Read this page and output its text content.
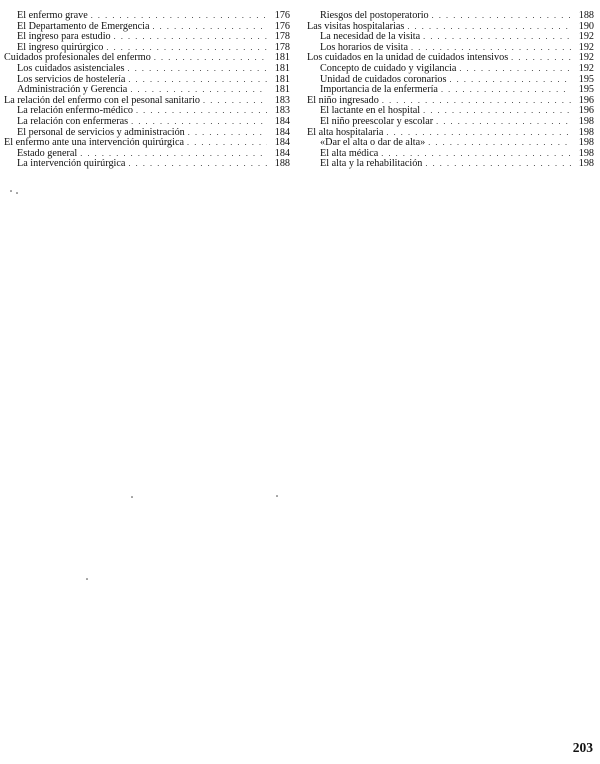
El enfermo grave . . .	176
El Departamento de Emergencia . . .	176
El ingreso para estudio . . .	178
El ingreso quirúrgico . . .	178
Cuidados profesionales del enfermo . . .	181
Los cuidados asistenciales . . .	181
Los servicios de hostelería . . .	181
Administración y Gerencia . . .	181
La relación del enfermo con el pesonal sanitario . . .	183
La relación enfermo-médico . . .	183
La relación con enfermeras . . .	184
El personal de servicios y administración . . .	184
El enfermo ante una intervención quirúrgica . . .	184
Estado general . . .	184
La intervención quirúrgica . . .	188
Riesgos del postoperatorio . . .	188
Las visitas hospitalarias . . .	190
La necesidad de la visita . . .	192
Los horarios de visita . . .	192
Los cuidados en la unidad de cuidados intensivos . . .	192
Concepto de cuidado y vigilancia . . .	192
Unidad de cuidados coronarios . . .	195
Importancia de la enfermería . . .	195
El niño ingresado . . .	196
El lactante en el hospital . . .	196
El niño preescolar y escolar . . .	198
El alta hospitalaria . . .	198
«Dar el alta o dar de alta» . . .	198
El alta médica . . .	198
El alta y la rehabilitación . . .	198
203
